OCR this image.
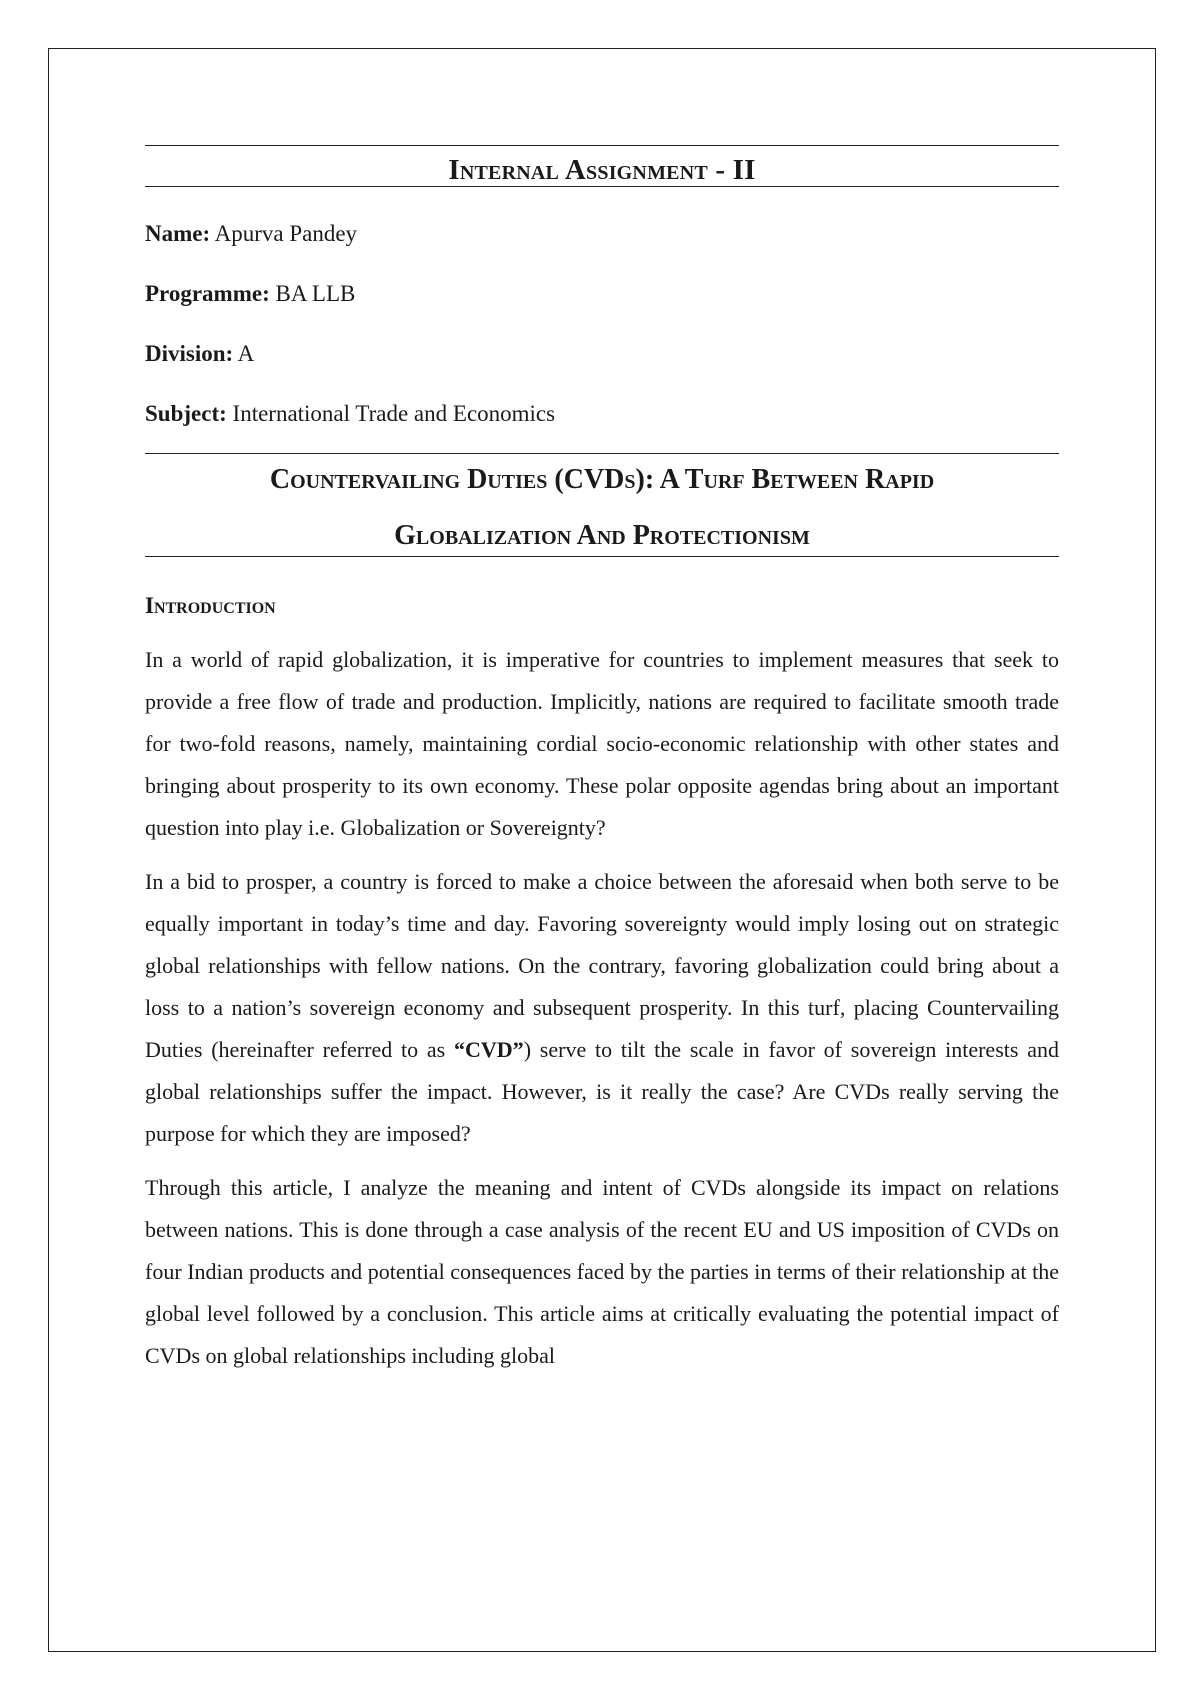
Internal Assignment - II

Name: Apurva Pandey

Programme: BA LLB

Division: A

Subject: International Trade and Economics

Countervailing Duties (CVDs): A Turf Between Rapid
Globalization And Protectionism
Introduction

In a world of rapid globalization, it is imperative for countries to implement measures that seek to provide a free flow of trade and production. Implicitly, nations are required to facilitate smooth trade for two-fold reasons, namely, maintaining cordial socio-economic relationship with other states and bringing about prosperity to its own economy. These polar opposite agendas bring about an important question into play i.e. Globalization or Sovereignty?

In a bid to prosper, a country is forced to make a choice between the aforesaid when both serve to be equally important in today’s time and day. Favoring sovereignty would imply losing out on strategic global relationships with fellow nations. On the contrary, favoring globalization could bring about a loss to a nation’s sovereign economy and subsequent prosperity. In this turf, placing Countervailing Duties (hereinafter referred to as “CVD”) serve to tilt the scale in favor of sovereign interests and global relationships suffer the impact. However, is it really the case? Are CVDs really serving the purpose for which they are imposed?

Through this article, I analyze the meaning and intent of CVDs alongside its impact on relations between nations. This is done through a case analysis of the recent EU and US imposition of CVDs on four Indian products and potential consequences faced by the parties in terms of their relationship at the global level followed by a conclusion. This article aims at critically evaluating the potential impact of CVDs on global relationships including global
